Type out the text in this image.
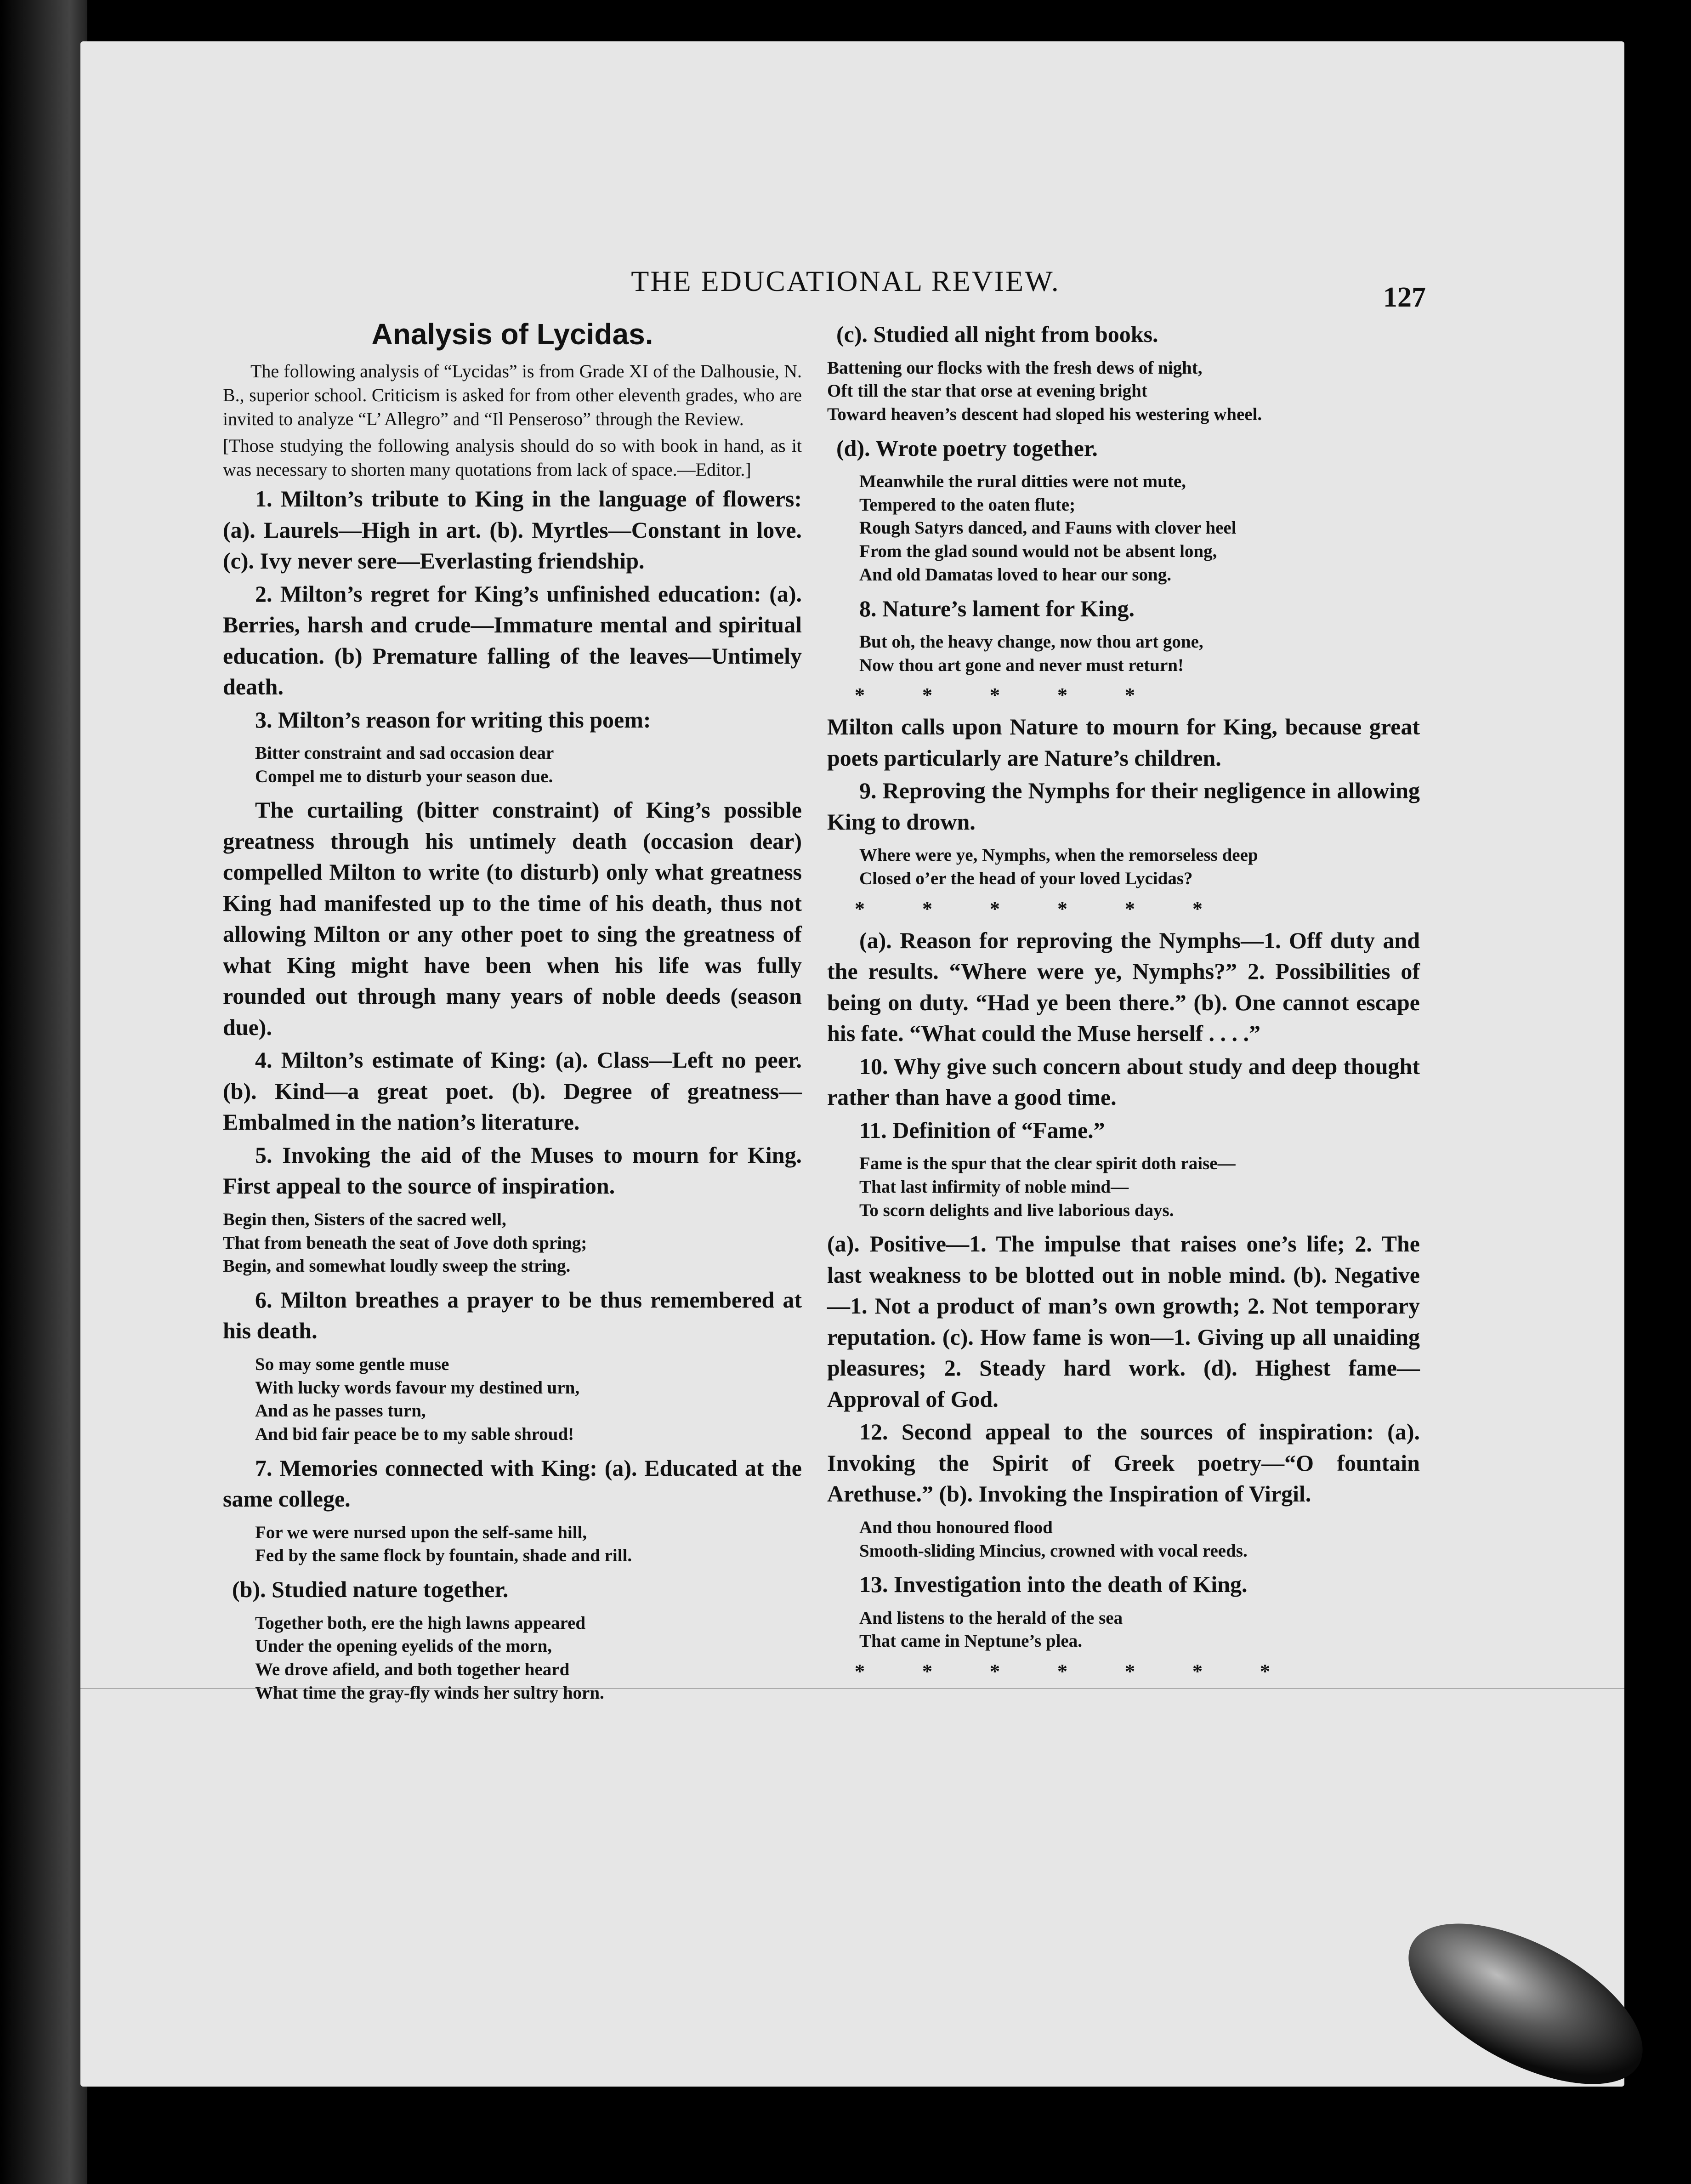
THE EDUCATIONAL REVIEW.	127
Analysis of Lycidas.

The following analysis of “Lycidas” is from Grade XI of the Dalhousie, N. B., superior school. Criticism is asked for from other eleventh grades, who are invited to analyze “L’ Allegro” and “Il Penseroso” through the Review.

[Those studying the following analysis should do so with book in hand, as it was necessary to shorten many quotations from lack of space.—Editor.]

1. Milton’s tribute to King in the language of flowers: (a). Laurels—High in art. (b). Myrtles—Constant in love. (c). Ivy never sere—Everlasting friendship.

2. Milton’s regret for King’s unfinished education: (a). Berries, harsh and crude—Immature mental and spiritual education. (b) Premature falling of the leaves—Untimely death.

3. Milton’s reason for writing this poem:

Bitter constraint and sad occasion dear
Compel me to disturb your season due.

The curtailing (bitter constraint) of King’s possible greatness through his untimely death (occasion dear) compelled Milton to write (to disturb) only what greatness King had manifested up to the time of his death, thus not allowing Milton or any other poet to sing the greatness of what King might have been when his life was fully rounded out through many years of noble deeds (season due).

4. Milton’s estimate of King: (a). Class—Left no peer. (b). Kind—a great poet. (b). Degree of greatness—Embalmed in the nation’s literature.

5. Invoking the aid of the Muses to mourn for King. First appeal to the source of inspiration.

Begin then, Sisters of the sacred well,
That from beneath the seat of Jove doth spring;
Begin, and somewhat loudly sweep the string.

6. Milton breathes a prayer to be thus remembered at his death.

So may some gentle muse
With lucky words favour my destined urn,
And as he passes turn,
And bid fair peace be to my sable shroud!

7. Memories connected with King: (a). Educated at the same college.

For we were nursed upon the self-same hill,
Fed by the same flock by fountain, shade and rill.

(b). Studied nature together.

Together both, ere the high lawns appeared
Under the opening eyelids of the morn,
We drove afield, and both together heard
What time the gray-fly winds her sultry horn.

(c). Studied all night from books.

Battening our flocks with the fresh dews of night,
Oft till the star that orse at evening bright
Toward heaven’s descent had sloped his westering wheel.

(d). Wrote poetry together.

Meanwhile the rural ditties were not mute,
Tempered to the oaten flute;
Rough Satyrs danced, and Fauns with clover heel
From the glad sound would not be absent long,
And old Damatas loved to hear our song.

8. Nature’s lament for King.

But oh, the heavy change, now thou art gone,
Now thou art gone and never must return!
* * * * *

Milton calls upon Nature to mourn for King, because great poets particularly are Nature’s children.

9. Reproving the Nymphs for their negligence in allowing King to drown.

Where were ye, Nymphs, when the remorseless deep
Closed o’er the head of your loved Lycidas?
* * * * * *

(a). Reason for reproving the Nymphs—1. Off duty and the results. “Where were ye, Nymphs?” 2. Possibilities of being on duty. “Had ye been there.” (b). One cannot escape his fate. “What could the Muse herself . . . .”

10. Why give such concern about study and deep thought rather than have a good time.

11. Definition of “Fame.”

Fame is the spur that the clear spirit doth raise—
That last infirmity of noble mind—
To scorn delights and live laborious days.

(a). Positive—1. The impulse that raises one’s life; 2. The last weakness to be blotted out in noble mind. (b). Negative—1. Not a product of man’s own growth; 2. Not temporary reputation. (c). How fame is won—1. Giving up all unaiding pleasures; 2. Steady hard work. (d). Highest fame—Approval of God.

12. Second appeal to the sources of inspiration: (a). Invoking the Spirit of Greek poetry—“O fountain Arethuse.” (b). Invoking the Inspiration of Virgil.

And thou honoured flood
Smooth-sliding Mincius, crowned with vocal reeds.

13. Investigation into the death of King.

And listens to the herald of the sea
That came in Neptune’s plea.
* * * * * * *
